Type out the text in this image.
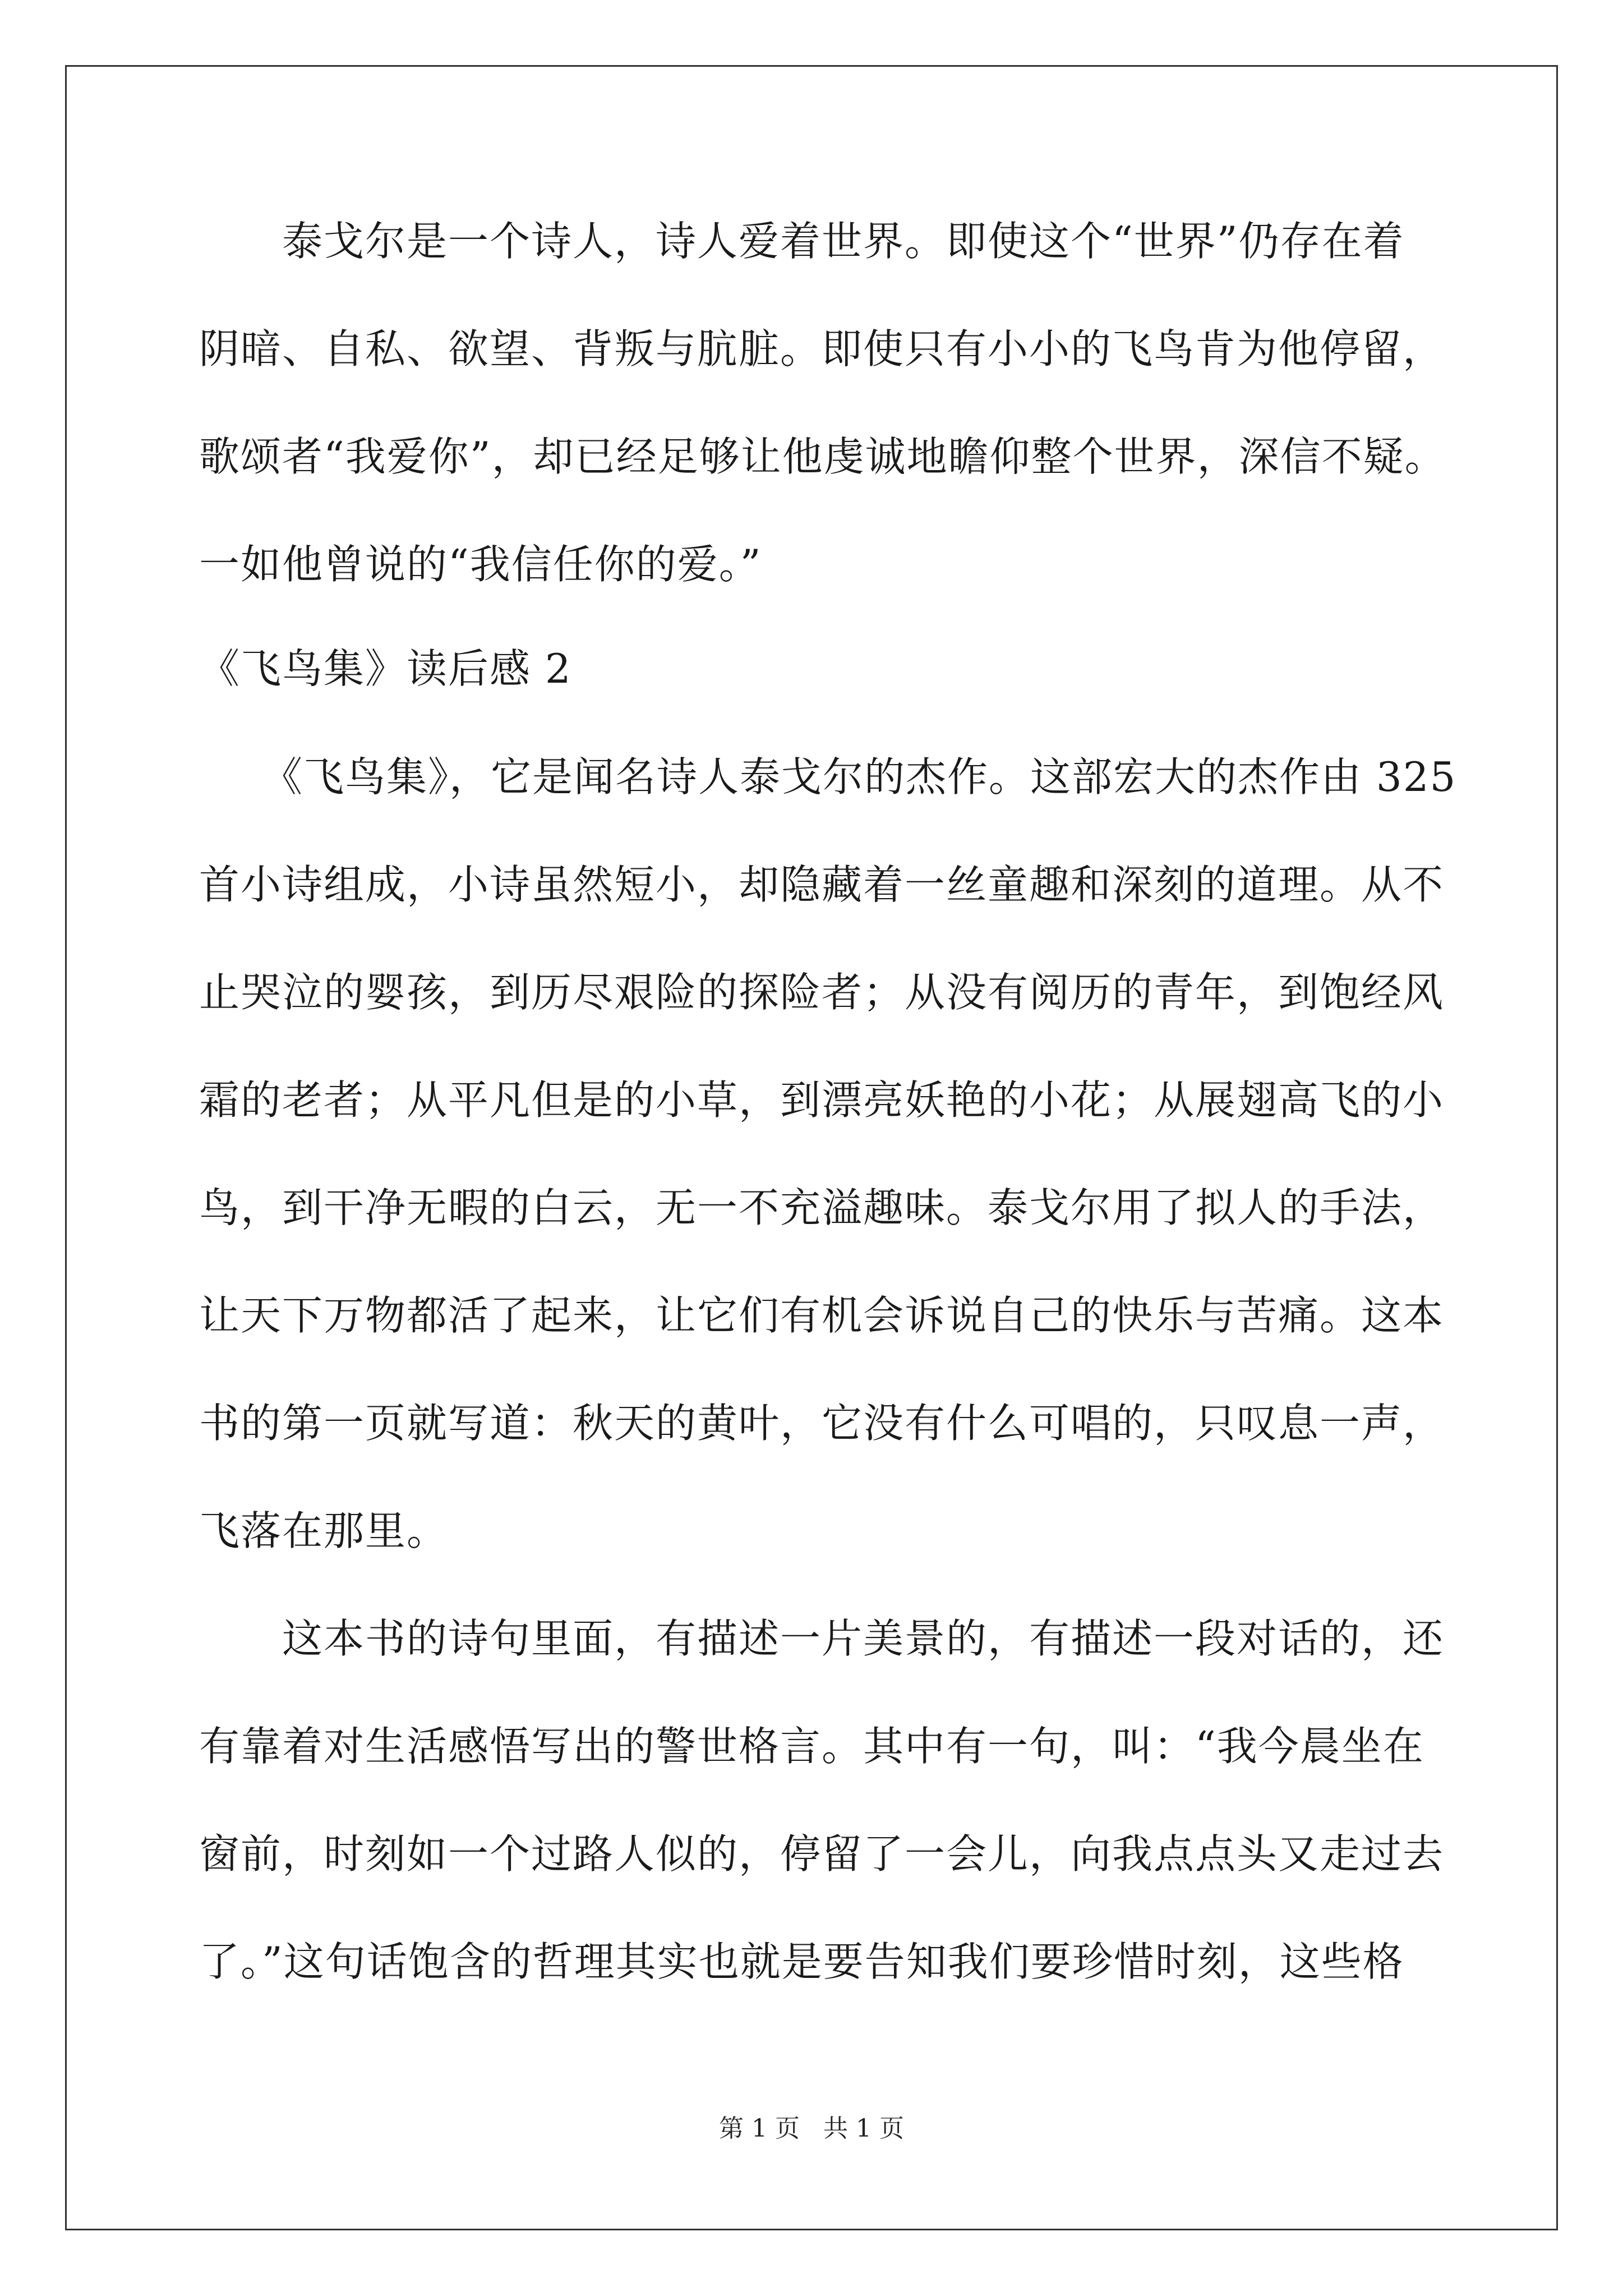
　　泰戈尔是一个诗人，诗人爱着世界。即使这个“世界”仍存在着
阴暗、自私、欲望、背叛与肮脏。即使只有小小的飞鸟肯为他停留，
歌颂者“我爱你”，却已经足够让他虔诚地瞻仰整个世界，深信不疑。
一如他曾说的“我信任你的爱。”
《飞鸟集》读后感 2
　　《飞鸟集》，它是闻名诗人泰戈尔的杰作。这部宏大的杰作由 325
首小诗组成，小诗虽然短小，却隐藏着一丝童趣和深刻的道理。从不
止哭泣的婴孩，到历尽艰险的探险者；从没有阅历的青年，到饱经风
霜的老者；从平凡但是的小草，到漂亮妖艳的小花；从展翅高飞的小
鸟，到干净无暇的白云，无一不充溢趣味。泰戈尔用了拟人的手法，
让天下万物都活了起来，让它们有机会诉说自己的快乐与苦痛。这本
书的第一页就写道：秋天的黄叶，它没有什么可唱的，只叹息一声，
飞落在那里。
　　这本书的诗句里面，有描述一片美景的，有描述一段对话的，还
有靠着对生活感悟写出的警世格言。其中有一句，叫：“我今晨坐在
窗前，时刻如一个过路人似的，停留了一会儿，向我点点头又走过去
了。”这句话饱含的哲理其实也就是要告知我们要珍惜时刻，这些格
第 1 页   共 1 页
